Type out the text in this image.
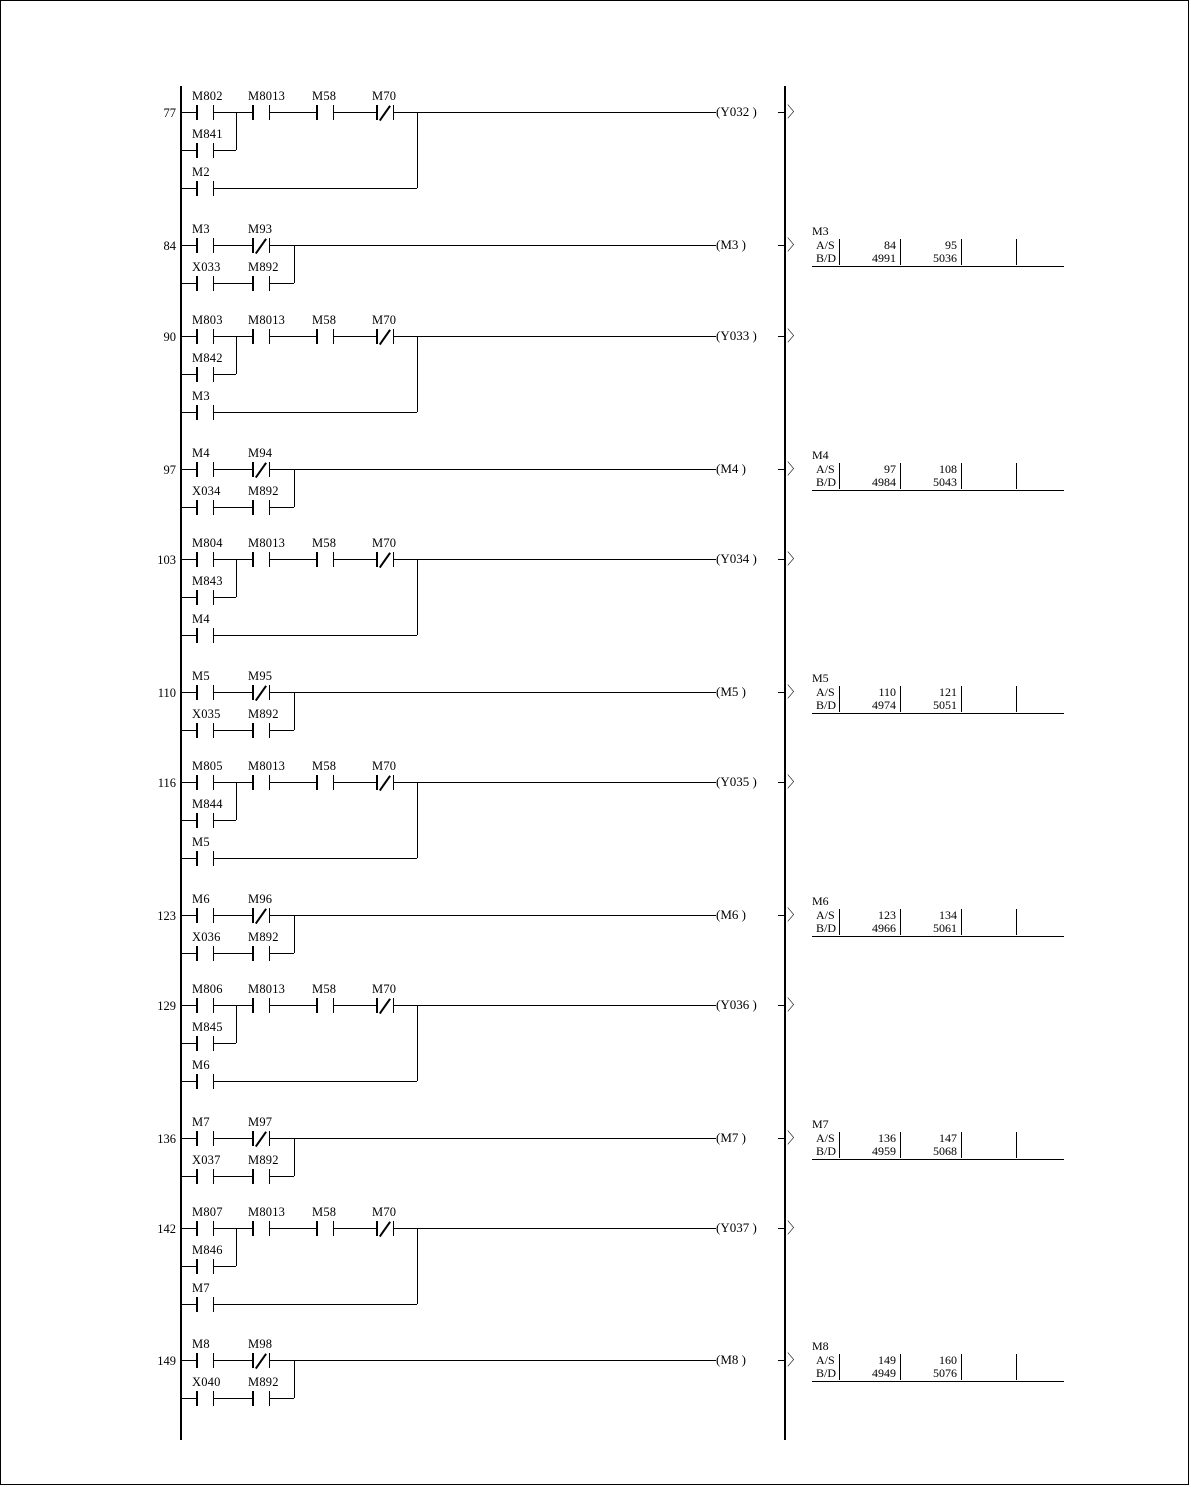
77
M802 M8013 M58	M70
M841
M2
(Y032 ) 〉
84
M3	M93
X033 M892
(M3 )	〉
90
M803 M8013 M58	M70
M842
M3
(Y033 ) 〉
97
M4	M94
X034 M892
(M4 )	〉
103
M804 M8013 M58	M70
M843
M4
(Y034 ) 〉
110
M5	M95
X035 M892
(M5 )	〉
116
M805 M8013 M58	M70
M844
M5
(Y035 ) 〉
123
M6	M96
X036 M892
(M6 )	〉
129
M806 M8013 M58	M70
M845
M6
(Y036 ) 〉
136
M7	M97
X037 M892
(M7 )	〉
142
M807 M8013 M58	M70
M846
M7
(Y037 ) 〉
149
M8	M98
X040 M892
(M8 )	〉
M3
A/S	84	95		
B/D	4991	5036		
M4
A/S	97	108		
B/D	4984	5043		
M5
A/S	110	121		
B/D	4974	5051		
M6
A/S	123	134		
B/D	4966	5061		
M7
A/S	136	147		
B/D	4959	5068		
M8
A/S	149	160		
B/D	4949	5076		
